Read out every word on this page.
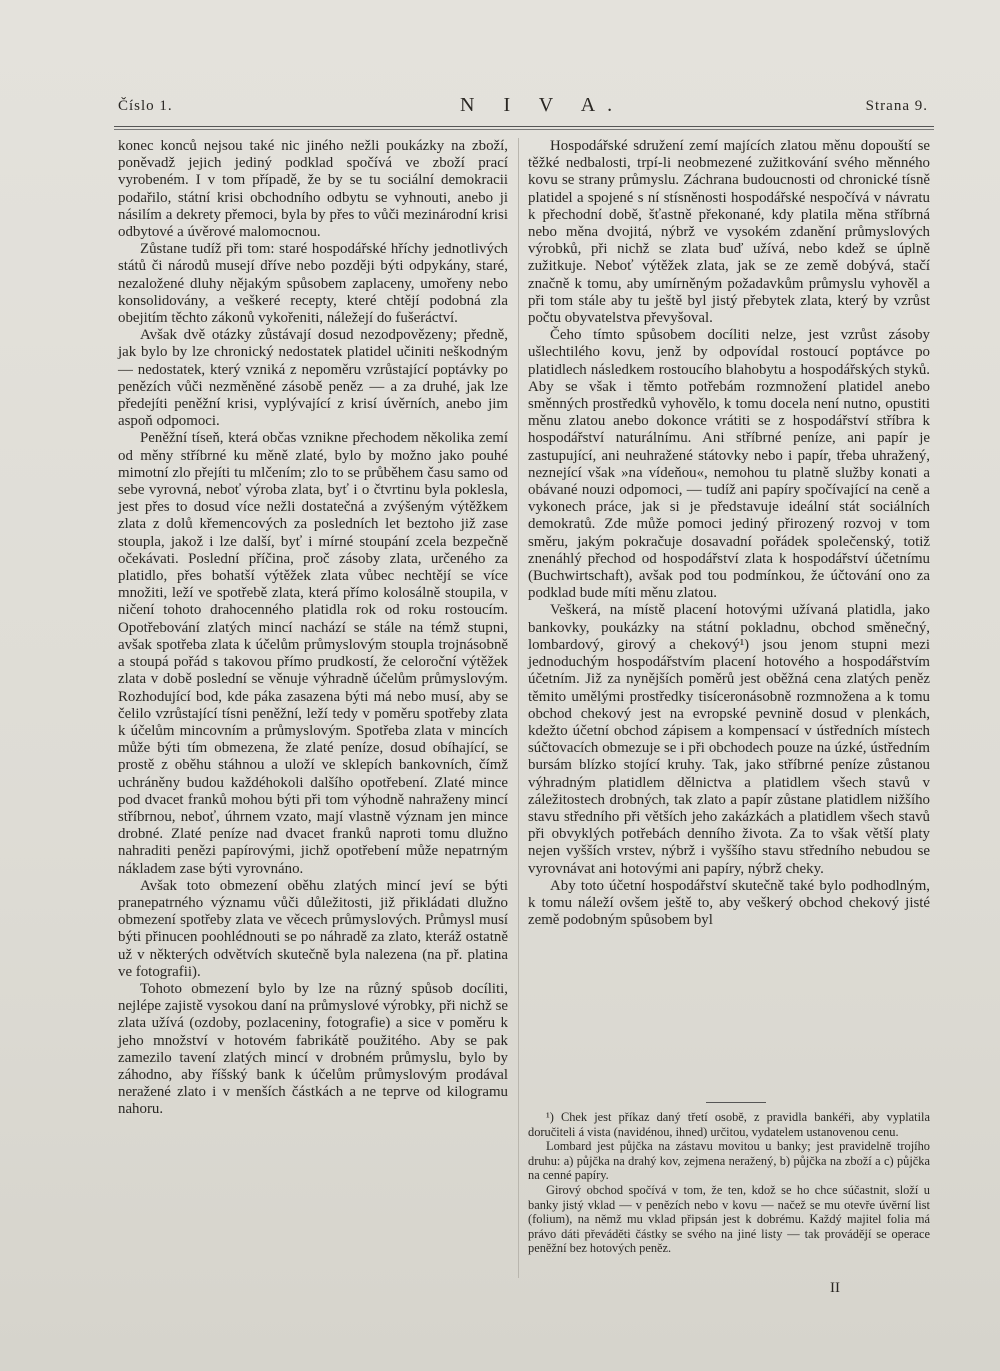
Číslo 1.	N I V A.	Strana 9.

konec konců nejsou také nic jiného nežli poukázky na zboží, poněvadž jejich jediný podklad spočívá ve zboží prací vyrobeném. I v tom případě, že by se tu sociální demokracii podařilo, státní krisi obchodního odbytu se vyhnouti, anebo ji násilím a dekrety přemoci, byla by přes to vůči mezinárodní krisi odbytové a úvěrové malomocnou.

Zůstane tudíž při tom: staré hospodářské hříchy jednotlivých států či národů musejí dříve nebo později býti odpykány, staré, nezaložené dluhy nějakým spůsobem zaplaceny, umořeny nebo konsolidovány, a veškeré recepty, které chtějí podobná zla obejitím těchto zákonů vykořeniti, náležejí do fušeráctví.

Avšak dvě otázky zůstávají dosud nezodpovězeny; předně, jak bylo by lze chronický nedostatek platidel učiniti neškodným — nedostatek, který vzniká z nepoměru vzrůstající poptávky po penězích vůči nezměněné zásobě peněz — a za druhé, jak lze předejíti peněžní krisi, vyplývající z krisí úvěrních, anebo jim aspoň odpomoci.

Peněžní tíseň, která občas vznikne přechodem několika zemí od měny stříbrné ku měně zlaté, bylo by možno jako pouhé mimotní zlo přejíti tu mlčením; zlo to se průběhem času samo od sebe vyrovná, neboť výroba zlata, byť i o čtvrtinu byla poklesla, jest přes to dosud více nežli dostatečná a zvýšeným výtěžkem zlata z dolů křemencových za posledních let beztoho již zase stoupla, jakož i lze další, byť i mírné stoupání zcela bezpečně očekávati. Poslední příčina, proč zásoby zlata, určeného za platidlo, přes bohatší výtěžek zlata vůbec nechtějí se více množiti, leží ve spotřebě zlata, která přímo kolosálně stoupila, v ničení tohoto drahocenného platidla rok od roku rostoucím. Opotřebování zlatých mincí nachází se stále na témž stupni, avšak spotřeba zlata k účelům průmyslovým stoupla trojnásobně a stoupá pořád s takovou přímo prudkostí, že celoroční výtěžek zlata v době poslední se věnuje výhradně účelům průmyslovým. Rozhodující bod, kde páka zasazena býti má nebo musí, aby se čelilo vzrůstající tísni peněžní, leží tedy v poměru spotřeby zlata k účelům mincovním a průmyslovým. Spotřeba zlata v mincích může býti tím obmezena, že zlaté peníze, dosud obíhající, se prostě z oběhu stáhnou a uloží ve sklepích bankovních, čímž uchráněny budou každéhokoli dalšího opotřebení. Zlaté mince pod dvacet franků mohou býti při tom výhodně nahraženy mincí stříbrnou, neboť, úhrnem vzato, mají vlastně význam jen mince drobné. Zlaté peníze nad dvacet franků naproti tomu dlužno nahraditi penězi papírovými, jichž opotřebení může nepatrným nákladem zase býti vyrovnáno.

Avšak toto obmezení oběhu zlatých mincí jeví se býti pranepatrného významu vůči důležitosti, již přikládati dlužno obmezení spotřeby zlata ve věcech průmyslových. Průmysl musí býti přinucen poohlédnouti se po náhradě za zlato, kteráž ostatně už v některých odvětvích skutečně byla nalezena (na př. platina ve fotografii).

Tohoto obmezení bylo by lze na různý spůsob docíliti, nejlépe zajistě vysokou daní na průmyslové výrobky, při nichž se zlata užívá (ozdoby, pozlaceniny, fotografie) a sice v poměru k jeho množství v hotovém fabrikátě použitého. Aby se pak zamezilo tavení zlatých mincí v drobném průmyslu, bylo by záhodno, aby říšský bank k účelům průmyslovým prodával neražené zlato i v menších částkách a ne teprve od kilogramu nahoru.

Hospodářské sdružení zemí majících zlatou měnu dopouští se těžké nedbalosti, trpí-li neobmezené zužitkování svého měnného kovu se strany průmyslu. Záchrana budoucnosti od chronické tísně platidel a spojené s ní stísněnosti hospodářské nespočívá v návratu k přechodní době, šťastně překonané, kdy platila měna stříbrná nebo měna dvojitá, nýbrž ve vysokém zdanění průmyslových výrobků, při nichž se zlata buď užívá, nebo kdež se úplně zužitkuje. Neboť výtěžek zlata, jak se ze země dobývá, stačí značně k tomu, aby umírněným požadavkům průmyslu vyhověl a při tom stále aby tu ještě byl jistý přebytek zlata, který by vzrůst počtu obyvatelstva převyšoval.

Čeho tímto spůsobem docíliti nelze, jest vzrůst zásoby ušlechtilého kovu, jenž by odpovídal rostoucí poptávce po platidlech následkem rostoucího blahobytu a hospodářských styků. Aby se však i těmto potřebám rozmnožení platidel anebo směnných prostředků vyhovělo, k tomu docela není nutno, opustiti měnu zlatou anebo dokonce vrátiti se z hospodářství stříbra k hospodářství naturálnímu. Ani stříbrné peníze, ani papír je zastupující, ani neuhražené státovky nebo i papír, třeba uhražený, neznející však »na vídeňou«, nemohou tu platně služby konati a obávané nouzi odpomoci, — tudíž ani papíry spočívající na ceně a vykonech práce, jak si je představuje ideální stát sociálních demokratů. Zde může pomoci jediný přirozený rozvoj v tom směru, jakým pokračuje dosavadní pořádek společenský, totiž znenáhlý přechod od hospodářství zlata k hospodářství účetnímu (Buchwirtschaft), avšak pod tou podmínkou, že účtování ono za podklad bude míti měnu zlatou.

Veškerá, na místě placení hotovými užívaná platidla, jako bankovky, poukázky na státní pokladnu, obchod směnečný, lombardový, girový a chekový¹) jsou jenom stupni mezi jednoduchým hospodářstvím placení hotového a hospodářstvím účetním. Již za nynějších poměrů jest oběžná cena zlatých peněz těmito umělými prostředky tisíceronásobně rozmnožena a k tomu obchod chekový jest na evropské pevnině dosud v plenkách, kdežto účetní obchod zápisem a kompensací v ústředních místech súčtovacích obmezuje se i při obchodech pouze na úzké, ústředním bursám blízko stojící kruhy. Tak, jako stříbrné peníze zůstanou výhradným platidlem dělnictva a platidlem všech stavů v záležitostech drobných, tak zlato a papír zůstane platidlem nižšího stavu středního při větších jeho zakázkách a platidlem všech stavů při obvyklých potřebách denního života. Za to však větší platy nejen vyšších vrstev, nýbrž i vyššího stavu středního nebudou se vyrovnávat ani hotovými ani papíry, nýbrž cheky.

Aby toto účetní hospodářství skutečně také bylo podhodlným, k tomu náleží ovšem ještě to, aby veškerý obchod chekový jisté země podobným spůsobem byl

¹) Chek jest příkaz daný třetí osobě, z pravidla bankéři, aby vyplatila doručiteli á vista (navidénou, ihned) určitou, vydatelem ustanovenou cenu.

Lombard jest půjčka na zástavu movitou u banky; jest pravidelně trojího druhu: a) půjčka na drahý kov, zejmena neražený, b) půjčka na zboží a c) půjčka na cenné papíry.

Girový obchod spočívá v tom, že ten, kdož se ho chce súčastnit, složí u banky jistý vklad — v penězích nebo v kovu — načež se mu otevře úvěrní list (folium), na němž mu vklad připsán jest k dobrému. Každý majitel folia má právo dáti převáděti částky se svého na jiné listy — tak provádějí se operace peněžní bez hotových peněz.

II
